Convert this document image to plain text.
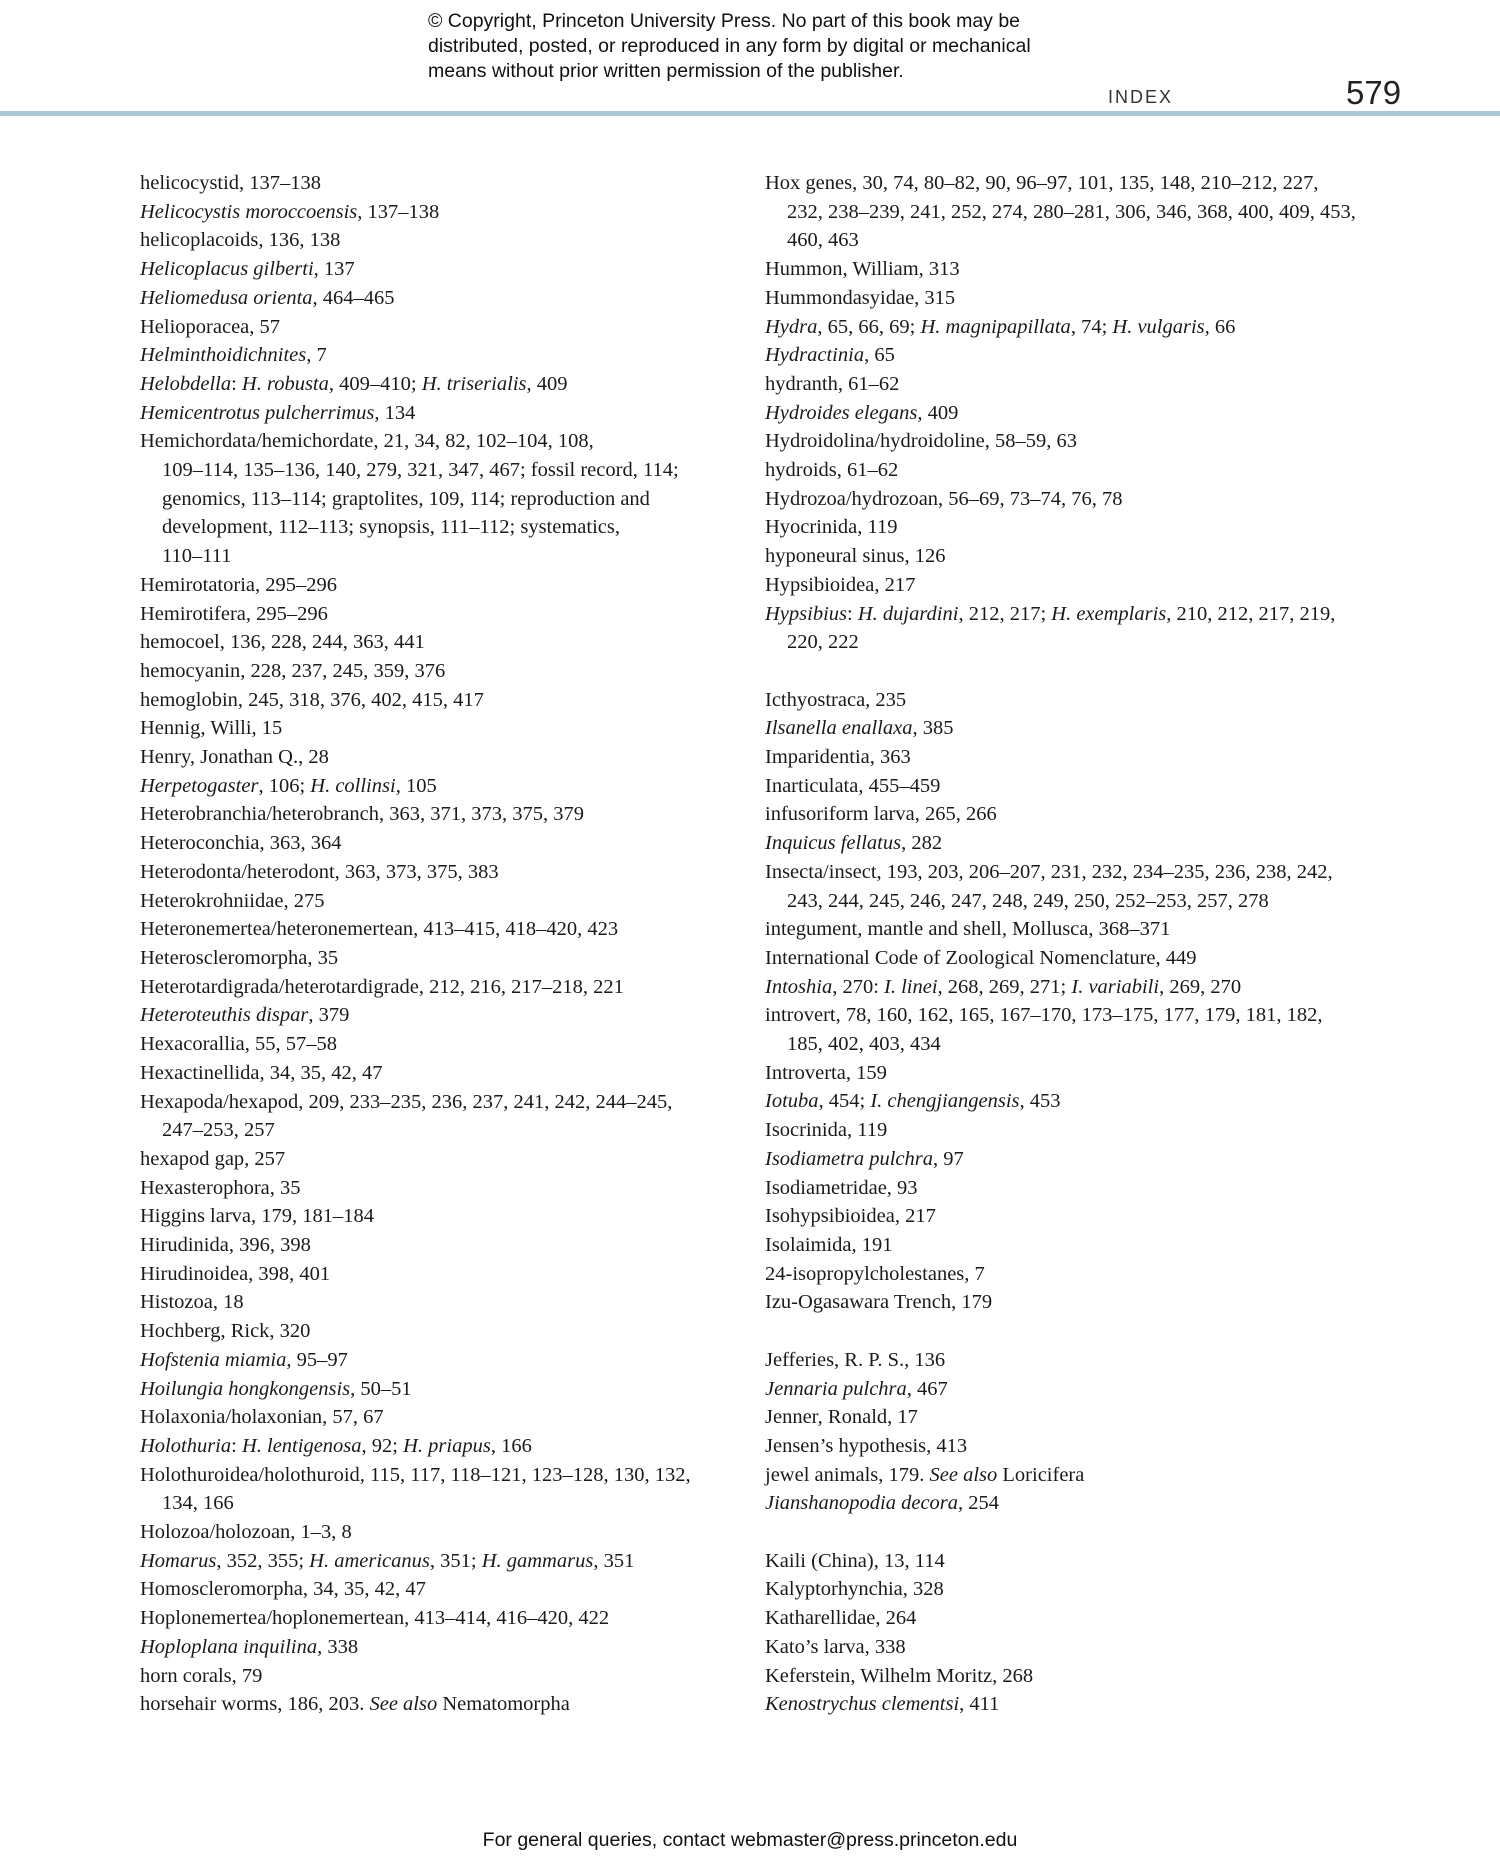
© Copyright, Princeton University Press. No part of this book may be
distributed, posted, or reproduced in any form by digital or mechanical
means without prior written permission of the publisher.
INDEX	579
helicocystid, 137–138
Helicocystis moroccoensis, 137–138
helicoplacoids, 136, 138
Helicoplacus gilberti, 137
Heliomedusa orienta, 464–465
Helioporacea, 57
Helminthoidichnites, 7
Helobdella: H. robusta, 409–410; H. triserialis, 409
Hemicentrotus pulcherrimus, 134
Hemichordata/hemichordate, 21, 34, 82, 102–104, 108,
109–114, 135–136, 140, 279, 321, 347, 467; fossil record, 114;
genomics, 113–114; graptolites, 109, 114; reproduction and
development, 112–113; synopsis, 111–112; systematics,
110–111
Hemirotatoria, 295–296
Hemirotifera, 295–296
hemocoel, 136, 228, 244, 363, 441
hemocyanin, 228, 237, 245, 359, 376
hemoglobin, 245, 318, 376, 402, 415, 417
Hennig, Willi, 15
Henry, Jonathan Q., 28
Herpetogaster, 106; H. collinsi, 105
Heterobranchia/heterobranch, 363, 371, 373, 375, 379
Heteroconchia, 363, 364
Heterodonta/heterodont, 363, 373, 375, 383
Heterokrohniidae, 275
Heteronemertea/heteronemertean, 413–415, 418–420, 423
Heteroscleromorpha, 35
Heterotardigrada/heterotardigrade, 212, 216, 217–218, 221
Heteroteuthis dispar, 379
Hexacorallia, 55, 57–58
Hexactinellida, 34, 35, 42, 47
Hexapoda/hexapod, 209, 233–235, 236, 237, 241, 242, 244–245,
247–253, 257
hexapod gap, 257
Hexasterophora, 35
Higgins larva, 179, 181–184
Hirudinida, 396, 398
Hirudinoidea, 398, 401
Histozoa, 18
Hochberg, Rick, 320
Hofstenia miamia, 95–97
Hoilungia hongkongensis, 50–51
Holaxonia/holaxonian, 57, 67
Holothuria: H. lentigenosa, 92; H. priapus, 166
Holothuroidea/holothuroid, 115, 117, 118–121, 123–128, 130, 132,
134, 166
Holozoa/holozoan, 1–3, 8
Homarus, 352, 355; H. americanus, 351; H. gammarus, 351
Homoscleromorpha, 34, 35, 42, 47
Hoplonemertea/hoplonemertean, 413–414, 416–420, 422
Hoploplana inquilina, 338
horn corals, 79
horsehair worms, 186, 203. See also Nematomorpha
Hox genes, 30, 74, 80–82, 90, 96–97, 101, 135, 148, 210–212, 227,
232, 238–239, 241, 252, 274, 280–281, 306, 346, 368, 400, 409, 453,
460, 463
Hummon, William, 313
Hummondasyidae, 315
Hydra, 65, 66, 69; H. magnipapillata, 74; H. vulgaris, 66
Hydractinia, 65
hydranth, 61–62
Hydroides elegans, 409
Hydroidolina/hydroidoline, 58–59, 63
hydroids, 61–62
Hydrozoa/hydrozoan, 56–69, 73–74, 76, 78
Hyocrinida, 119
hyponeural sinus, 126
Hypsibioidea, 217
Hypsibius: H. dujardini, 212, 217; H. exemplaris, 210, 212, 217, 219,
220, 222
Icthyostraca, 235
Ilsanella enallaxa, 385
Imparidentia, 363
Inarticulata, 455–459
infusoriform larva, 265, 266
Inquicus fellatus, 282
Insecta/insect, 193, 203, 206–207, 231, 232, 234–235, 236, 238, 242,
243, 244, 245, 246, 247, 248, 249, 250, 252–253, 257, 278
integument, mantle and shell, Mollusca, 368–371
International Code of Zoological Nomenclature, 449
Intoshia, 270: I. linei, 268, 269, 271; I. variabili, 269, 270
introvert, 78, 160, 162, 165, 167–170, 173–175, 177, 179, 181, 182,
185, 402, 403, 434
Introverta, 159
Iotuba, 454; I. chengjiangensis, 453
Isocrinida, 119
Isodiametra pulchra, 97
Isodiametridae, 93
Isohypsibioidea, 217
Isolaimida, 191
24-isopropylcholestanes, 7
Izu-Ogasawara Trench, 179
Jefferies, R. P. S., 136
Jennaria pulchra, 467
Jenner, Ronald, 17
Jensen’s hypothesis, 413
jewel animals, 179. See also Loricifera
Jianshanopodia decora, 254
Kaili (China), 13, 114
Kalyptorhynchia, 328
Katharellidae, 264
Kato’s larva, 338
Keferstein, Wilhelm Moritz, 268
Kenostrychus clementsi, 411
For general queries, contact webmaster@press.princeton.edu
